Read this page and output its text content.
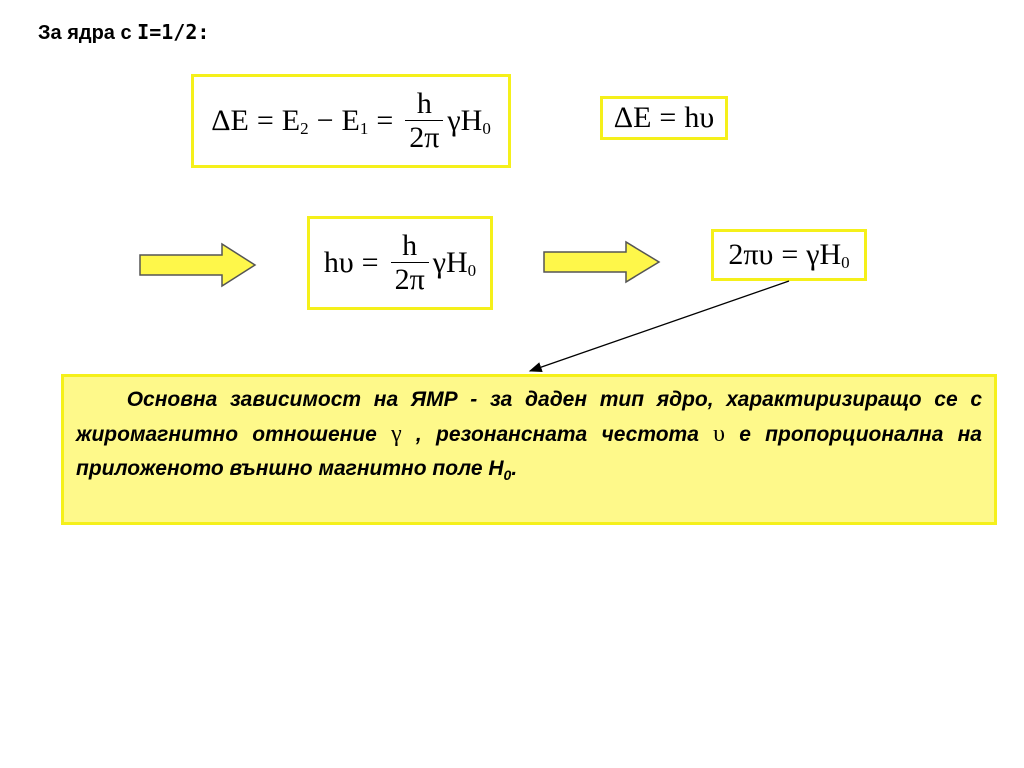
За ядра с I=1/2:
ΔE = E 2 − E $1 = \frac{h}{2\pi}$ γH 0	ΔE = hυ
$h\upsilon = \frac{h}{2\pi}$ γH 0	2πυ = γH 0
Основна зависимост на ЯМР - за даден тип ядро, характиризиращо се с жиромагнитно отношение γ , резонансната честота υ е пропорционална на приложеното външно магнитно поле $Н_0$.
